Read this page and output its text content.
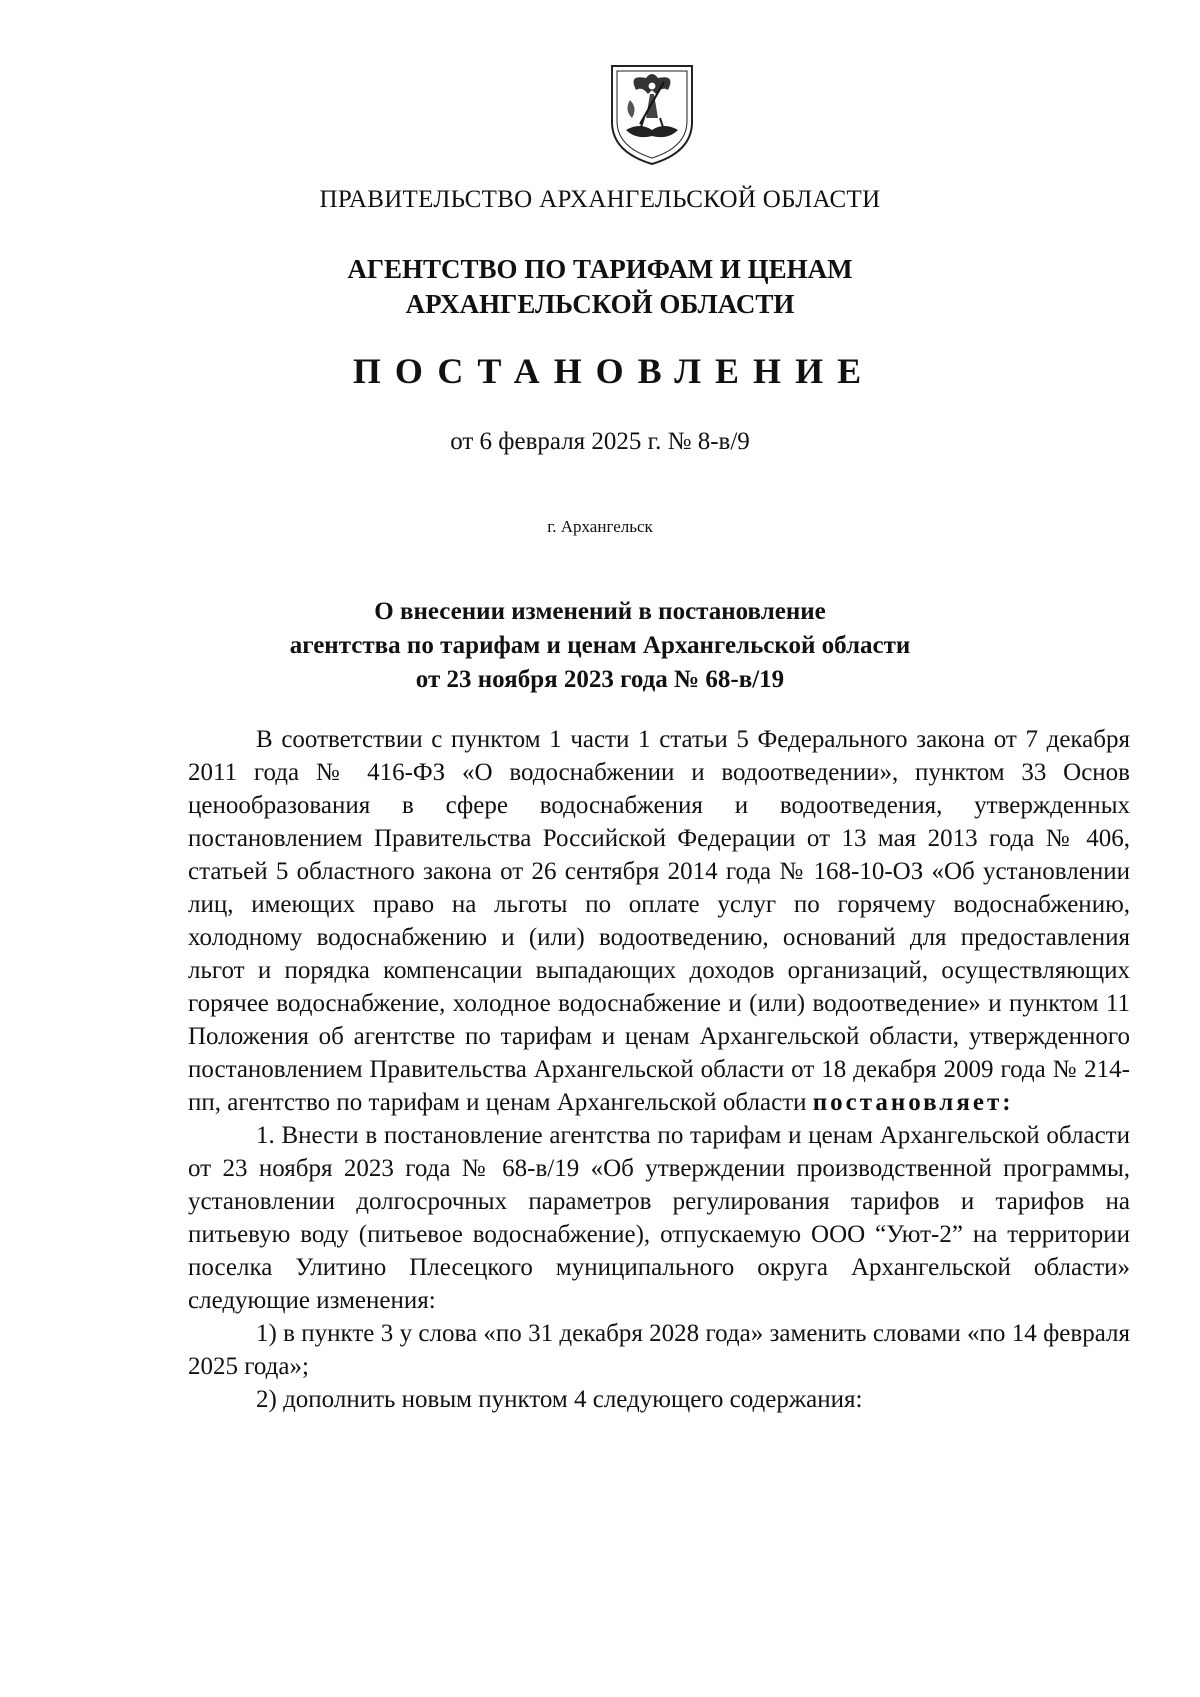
ПРАВИТЕЛЬСТВО АРХАНГЕЛЬСКОЙ ОБЛАСТИ
АГЕНТСТВО ПО ТАРИФАМ И ЦЕНАМ
АРХАНГЕЛЬСКОЙ ОБЛАСТИ
ПОСТАНОВЛЕНИЕ
от 6 февраля 2025 г. № 8-в/9
г. Архангельск
О внесении изменений в постановление
агентства по тарифам и ценам Архангельской области
от 23 ноября 2023 года № 68-в/19

В соответствии с пунктом 1 части 1 статьи 5 Федерального закона от 7 декабря 2011 года № 416-ФЗ «О водоснабжении и водоотведении», пунктом 33 Основ ценообразования в сфере водоснабжения и водоотведения, утвержденных постановлением Правительства Российской Федерации от 13 мая 2013 года № 406, статьей 5 областного закона от 26 сентября 2014 года № 168-10-ОЗ «Об установлении лиц, имеющих право на льготы по оплате услуг по горячему водоснабжению, холодному водоснабжению и (или) водоотведению, оснований для предоставления льгот и порядка компенсации выпадающих доходов организаций, осуществляющих горячее водоснабжение, холодное водоснабжение и (или) водоотведение» и пунктом 11 Положения об агентстве по тарифам и ценам Архангельской области, утвержденного постановлением Правительства Архангельской области от 18 декабря 2009 года № 214-пп, агентство по тарифам и ценам Архангельской области постановляет:

1. Внести в постановление агентства по тарифам и ценам Архангельской области от 23 ноября 2023 года № 68-в/19 «Об утверждении производственной программы, установлении долгосрочных параметров регулирования тарифов и тарифов на питьевую воду (питьевое водоснабжение), отпускаемую ООО “Уют-2” на территории поселка Улитино Плесецкого муниципального округа Архангельской области» следующие изменения:

1) в пункте 3 у слова «по 31 декабря 2028 года» заменить словами «по 14 февраля 2025 года»;

2) дополнить новым пунктом 4 следующего содержания:
